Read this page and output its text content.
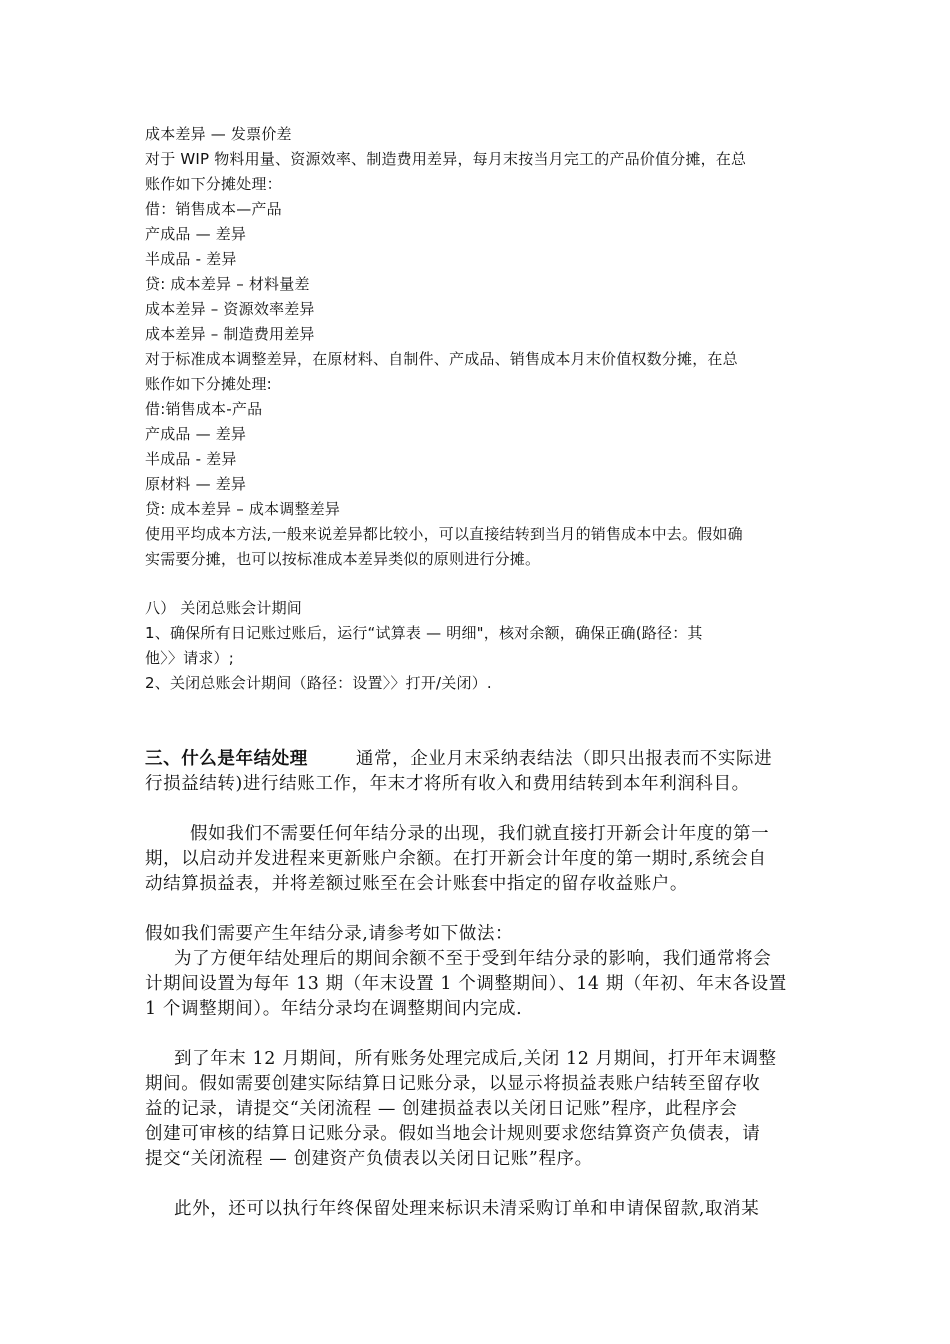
成本差异 — 发票价差
对于 WIP 物料用量、资源效率、制造费用差异，每月末按当月完工的产品价值分摊，在总
账作如下分摊处理：
借：销售成本—产品
产成品 — 差异
半成品 - 差异
贷: 成本差异 – 材料量差
成本差异 – 资源效率差异
成本差异 – 制造费用差异
对于标准成本调整差异，在原材料、自制件、产成品、销售成本月末价值权数分摊，在总
账作如下分摊处理:
借:销售成本-产品
产成品 — 差异
半成品 - 差异
原材料 — 差异
贷: 成本差异 – 成本调整差异
使用平均成本方法,一般来说差异都比较小，可以直接结转到当月的销售成本中去。假如确
实需要分摊，也可以按标准成本差异类似的原则进行分摊。
八） 关闭总账会计期间
1、确保所有日记账过账后，运行“试算表 — 明细"，核对余额，确保正确(路径：其
他〉〉请求）;
2、关闭总账会计期间（路径：设置〉〉打开/关闭）.
三、什么是年结处理	通常，企业月末采纳表结法（即只出报表而不实际进
行损益结转)进行结账工作，年末才将所有收入和费用结转到本年利润科目。
假如我们不需要任何年结分录的出现，我们就直接打开新会计年度的第一
期，以启动并发进程来更新账户余额。在打开新会计年度的第一期时,系统会自
动结算损益表，并将差额过账至在会计账套中指定的留存收益账户。
假如我们需要产生年结分录,请参考如下做法：
为了方便年结处理后的期间余额不至于受到年结分录的影响，我们通常将会
计期间设置为每年 13 期（年末设置 1 个调整期间）、14 期（年初、年末各设置
1 个调整期间）。年结分录均在调整期间内完成.
到了年末 12 月期间，所有账务处理完成后,关闭 12 月期间，打开年末调整
期间。假如需要创建实际结算日记账分录，以显示将损益表账户结转至留存收
益的记录，请提交“关闭流程 — 创建损益表以关闭日记账”程序，此程序会
创建可审核的结算日记账分录。假如当地会计规则要求您结算资产负债表，请
提交“关闭流程 — 创建资产负债表以关闭日记账”程序。
此外，还可以执行年终保留处理来标识未清采购订单和申请保留款,取消某
